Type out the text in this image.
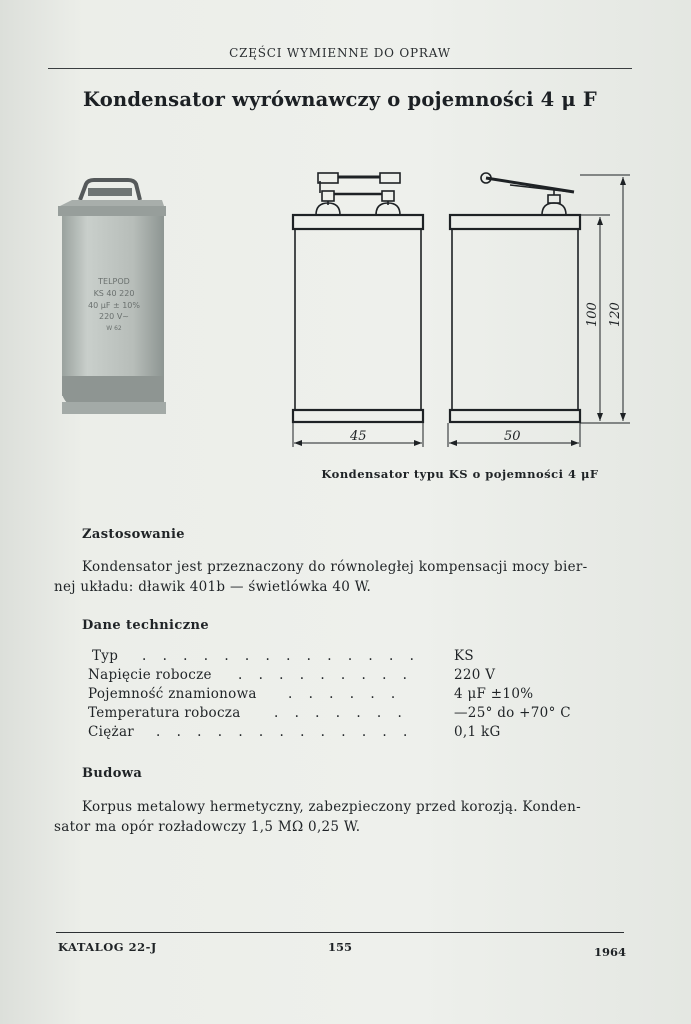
CZĘŚCI WYMIENNE DO OPRAW
Kondensator wyrównawczy o pojemności 4 μ F
TELPOD
KS 40 220
40 μF ± 10%
220 V~
W 62
45	50
100 120
Kondensator typu KS o pojemności 4 μF
Zastosowanie
Kondensator jest przeznaczony do równoległej kompensacji mocy bier-
nej układu: dławik 401b — świetlówka 40 W.
Dane techniczne
Typ . . . . . . . . . . . . . .	KS
Napięcie robocze . . . . . . . . .	220 V
Pojemność znamionowa . . . . . .	4 μF ±10%
Temperatura robocza . . . . . . .	—25° do +70° C
Ciężar . . . . . . . . . . . . .	0,1 kG
Budowa
Korpus metalowy hermetyczny, zabezpieczony przed korozją. Konden-
sator ma opór rozładowczy 1,5 MΩ 0,25 W.
KATALOG 22-J	155	1964
